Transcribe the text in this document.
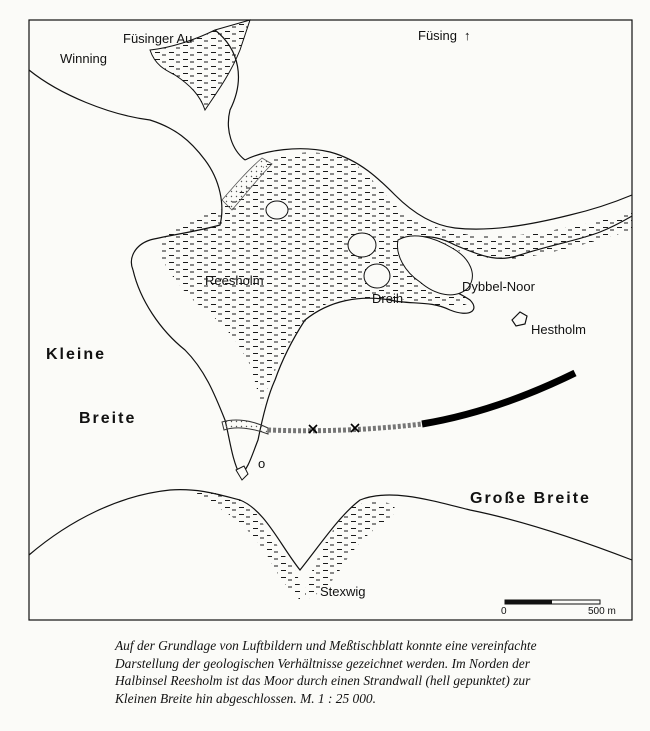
↑
Winning
Füsinger Au	Füsing
Reesholm
Dreih
Dybbel-Noor
Hestholm
Kleine
Breite
Große Breite
Stexwig
o
0	500 m
Auf der Grundlage von Luftbildern und Meßtischblatt konnte eine vereinfachte
Darstellung der geologischen Verhältnisse gezeichnet werden. Im Norden der
Halbinsel Reesholm ist das Moor durch einen Strandwall (hell gepunktet) zur
Kleinen Breite hin abgeschlossen. M. 1 : 25 000.
